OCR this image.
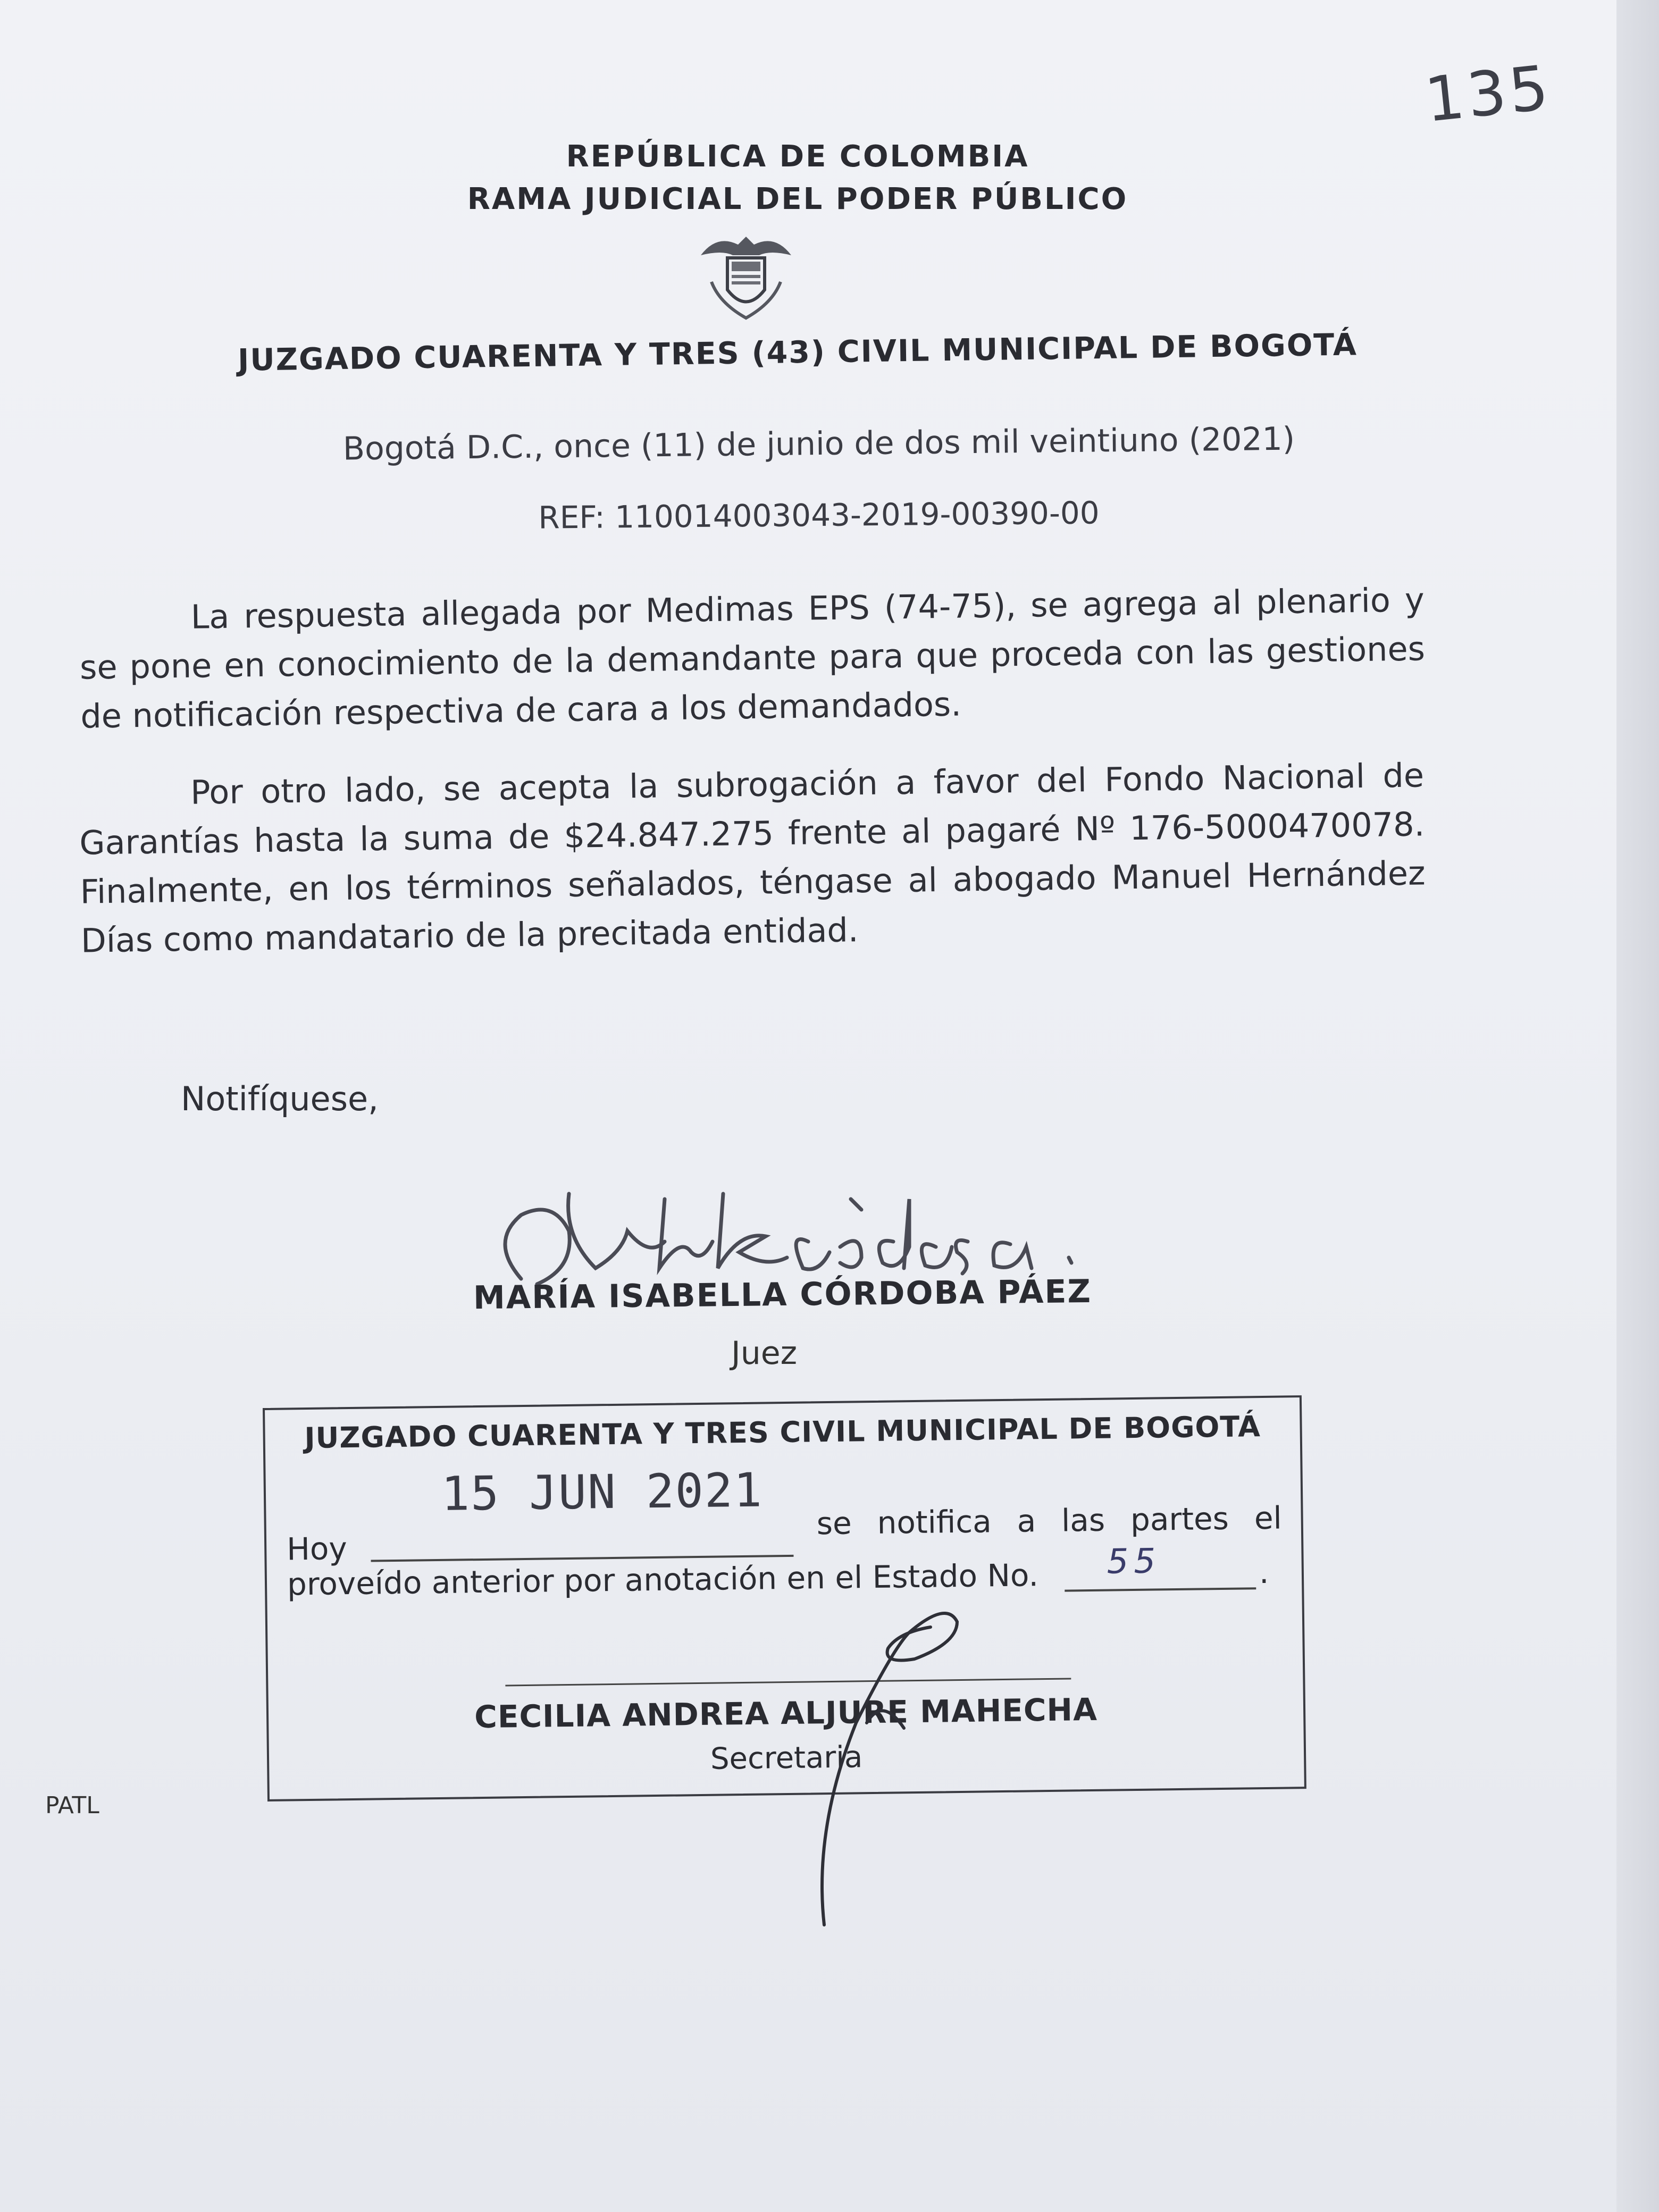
135
REPÚBLICA DE COLOMBIA
RAMA JUDICIAL DEL PODER PÚBLICO
JUZGADO CUARENTA Y TRES (43) CIVIL MUNICIPAL DE BOGOTÁ
Bogotá D.C., once (11) de junio de dos mil veintiuno (2021)
REF: 110014003043-2019-00390-00
La respuesta allegada por Medimas EPS (74-75), se agrega al plenario y se pone en conocimiento de la demandante para que proceda con las gestiones de notificación respectiva de cara a los demandados.
Por otro lado, se acepta la subrogación a favor del Fondo Nacional de Garantías hasta la suma de $24.847.275 frente al pagaré Nº 176-5000470078. Finalmente, en los términos señalados, téngase al abogado Manuel Hernández Días como mandatario de la precitada entidad.
Notifíquese,
MARÍA ISABELLA CÓRDOBA PÁEZ
Juez
JUZGADO CUARENTA Y TRES CIVIL MUNICIPAL DE BOGOTÁ
15 JUN 2021
Hoy
se notifica a las partes el
proveído anterior por anotación en el Estado No. 55	.
CECILIA ANDREA ALJURE MAHECHA
Secretaria
PATL
